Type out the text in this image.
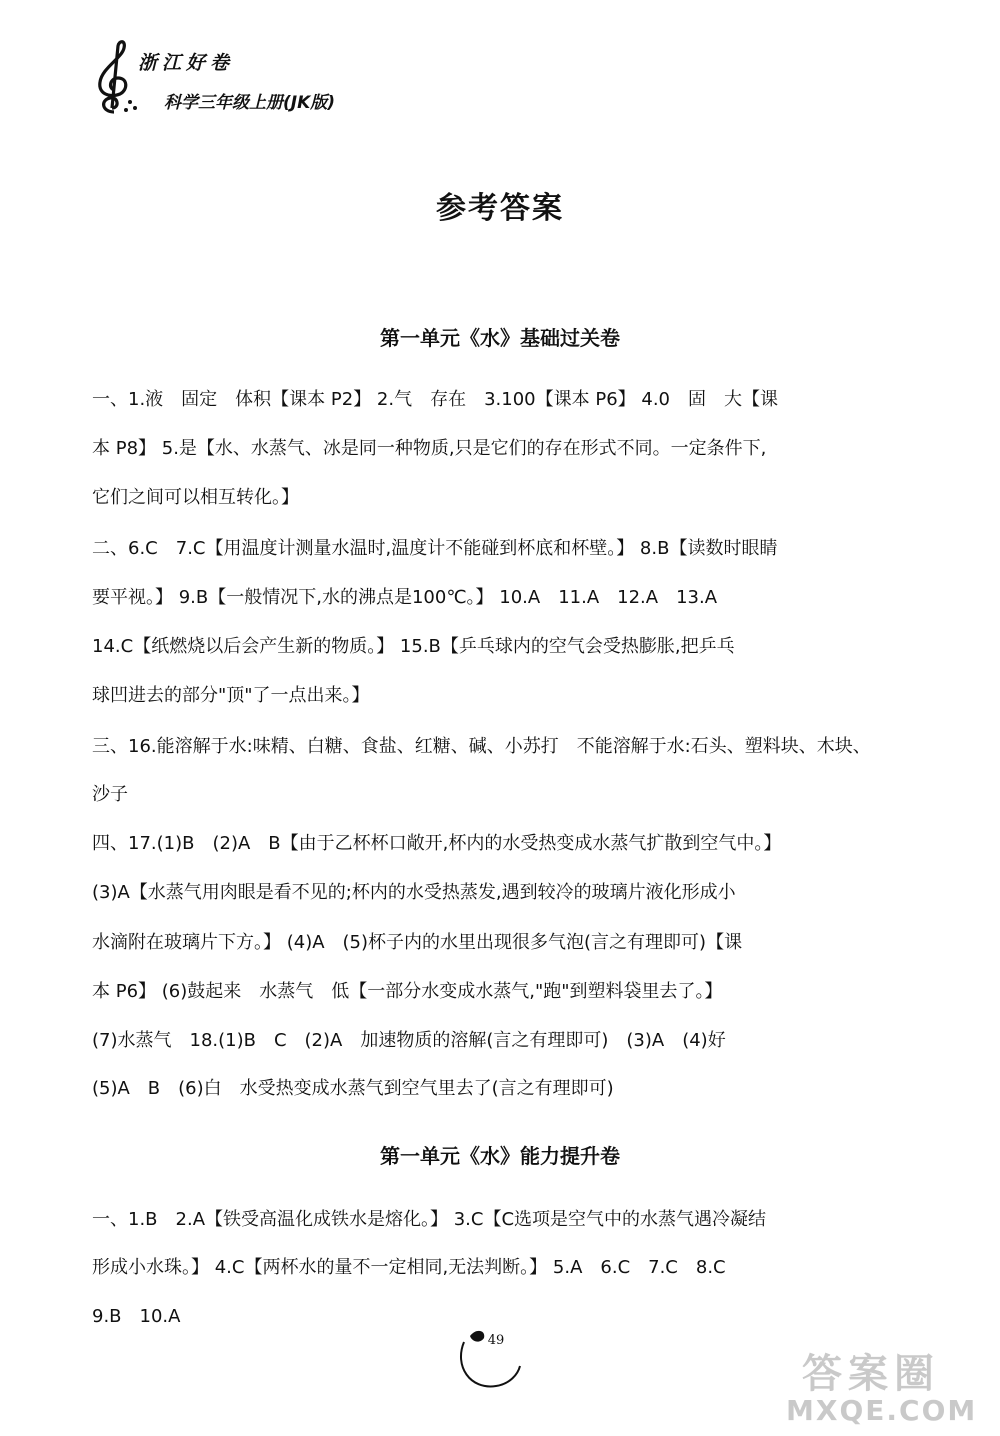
浙江好卷
科学三年级上册(JK版)
参考答案
第一单元《水》基础过关卷
一、1.液　固定　体积【课本 P2】 2.气　存在　3.100【课本 P6】 4.0　固　大【课
本 P8】 5.是【水、水蒸气、冰是同一种物质,只是它们的存在形式不同。一定条件下,
它们之间可以相互转化。】
二、6.C　7.C【用温度计测量水温时,温度计不能碰到杯底和杯壁。】 8.B【读数时眼睛
要平视。】 9.B【一般情况下,水的沸点是100℃。】 10.A　11.A　12.A　13.A
14.C【纸燃烧以后会产生新的物质。】 15.B【乒乓球内的空气会受热膨胀,把乒乓
球凹进去的部分"顶"了一点出来。】
三、16.能溶解于水:味精、白糖、食盐、红糖、碱、小苏打　不能溶解于水:石头、塑料块、木块、
沙子
四、17.(1)B　(2)A　B【由于乙杯杯口敞开,杯内的水受热变成水蒸气扩散到空气中。】
(3)A【水蒸气用肉眼是看不见的;杯内的水受热蒸发,遇到较冷的玻璃片液化形成小
水滴附在玻璃片下方。】 (4)A　(5)杯子内的水里出现很多气泡(言之有理即可)【课
本 P6】 (6)鼓起来　水蒸气　低【一部分水变成水蒸气,"跑"到塑料袋里去了。】
(7)水蒸气　18.(1)B　C　(2)A　加速物质的溶解(言之有理即可)　(3)A　(4)好
(5)A　B　(6)白　水受热变成水蒸气到空气里去了(言之有理即可)
第一单元《水》能力提升卷
一、1.B　2.A【铁受高温化成铁水是熔化。】 3.C【C选项是空气中的水蒸气遇冷凝结
形成小水珠。】 4.C【两杯水的量不一定相同,无法判断。】 5.A　6.C　7.C　8.C
9.B　10.A
49
答案圈
MXQE.COM
